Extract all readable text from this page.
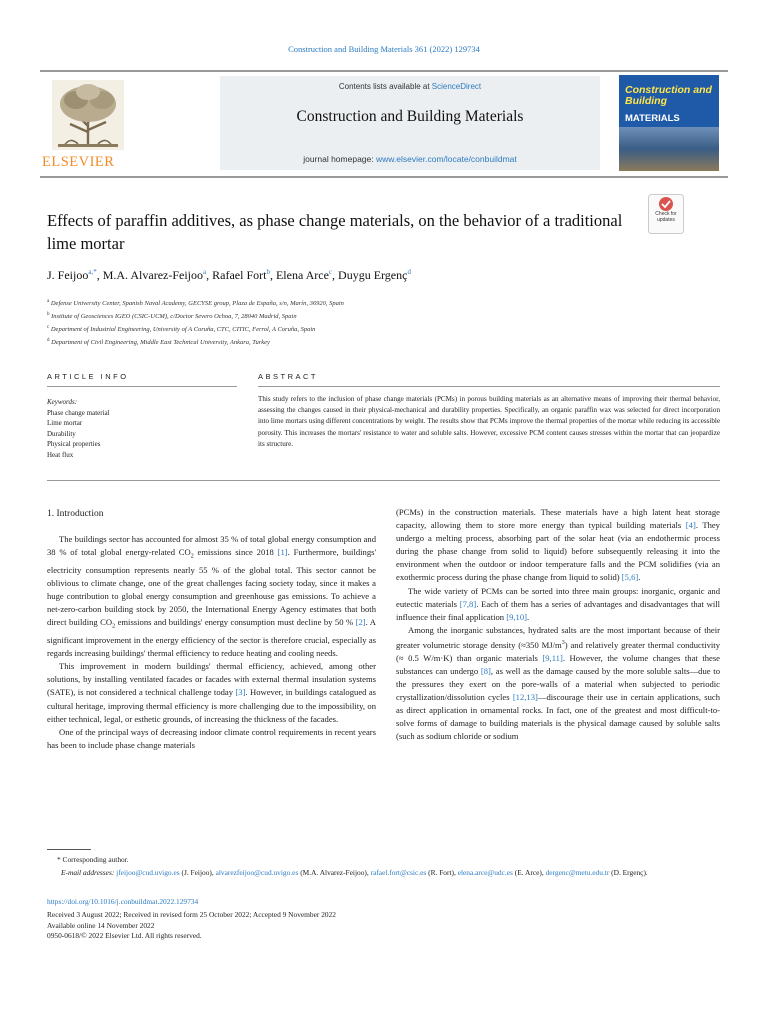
Construction and Building Materials 361 (2022) 129734
ELSEVIER
Contents lists available at ScienceDirect
Construction and Building Materials
journal homepage: www.elsevier.com/locate/conbuildmat
Construction and Building
MATERIALS
Effects of paraffin additives, as phase change materials, on the behavior of a traditional lime mortar
Check for updates
J. Feijoo$^{a,*}$, M.A. Alvarez-Feijoo$^a$, Rafael Fort$^b$, Elena Arce$^c$, Duygu Ergenç$^d$
$^a$ Defense University Center, Spanish Naval Academy, GECYSE group, Plaza de España, s/n, Marín, 36920, Spain
$^b$ Institute of Geosciences IGEO (CSIC-UCM), c/Doctor Severo Ochoa, 7, 28040 Madrid, Spain
$^c$ Department of Industrial Engineering, University of A Coruña, CTC, CITIC, Ferrol, A Coruña, Spain
$^d$ Department of Civil Engineering, Middle East Technical University, Ankara, Turkey
ARTICLE INFO	ABSTRACT
Keywords:
Phase change material
Lime mortar
Durability
Physical properties
Heat flux
This study refers to the inclusion of phase change materials (PCMs) in porous building materials as an alternative means of improving their thermal behavior, assessing the changes caused in their physical-mechanical and durability properties. Specifically, an organic paraffin wax was selected for direct incorporation into lime mortars using different concentrations by weight. The results show that PCMs improve the thermal properties of the mortar while reducing its accessible porosity. This increases the mortars' resistance to water and soluble salts. However, excessive PCM content causes stresses within the mortar that can jeopardize its structure.
1. Introduction

The buildings sector has accounted for almost 35 % of total global energy consumption and 38 % of total global energy-related $CO_2$ emissions since 2018 [1]. Furthermore, buildings' electricity consumption represents nearly 55 % of the global total. This sector cannot be oblivious to climate change, one of the great challenges facing society today, since it makes a huge contribution to global energy consumption and greenhouse gas emissions. To achieve a net-zero-carbon building stock by 2050, the International Energy Agency estimates that both direct building $CO_2$ emissions and buildings' energy consumption must decline by 50 % [2]. A significant improvement in the energy efficiency of the sector is therefore crucial, especially as regards increasing buildings' thermal efficiency to reduce heating and cooling needs.

This improvement in modern buildings' thermal efficiency, achieved, among other solutions, by installing ventilated facades or facades with external thermal insulation systems (SATE), is not considered a technical challenge today [3]. However, in buildings catalogued as cultural heritage, improving thermal efficiency is more challenging due to the impossibility, on either technical, legal, or esthetic grounds, of increasing the thickness of the facades.

One of the principal ways of decreasing indoor climate control requirements in recent years has been to include phase change materials

(PCMs) in the construction materials. These materials have a high latent heat storage capacity, allowing them to store more energy than typical building materials [4]. They undergo a melting process, absorbing part of the solar heat (via an endothermic process during the phase change from solid to liquid) before subsequently releasing it into the environment when the outdoor or indoor temperature falls and the PCM solidifies (via an exothermic process during the phase change from liquid to solid) [5,6].

The wide variety of PCMs can be sorted into three main groups: inorganic, organic and eutectic materials [7,8]. Each of them has a series of advantages and disadvantages that will influence their final application [9,10].

Among the inorganic substances, hydrated salts are the most important because of their greater volumetric storage density (≈350 $MJ/m^3$) and relatively greater thermal conductivity (≈ 0.5 W/m·K) than organic materials [9,11]. However, the volume changes that these substances can undergo [8], as well as the damage caused by the more soluble salts—due to the pressures they exert on the pore-walls of a material when subjected to periodic crystallization/dissolution cycles [12,13]—discourage their use in certain applications, such as direct application in ornamental rocks. In fact, one of the greatest and most difficult-to-solve forms of damage to building materials is the physical damage caused by soluble salts (such as sodium chloride or sodium

* Corresponding author.
E-mail addresses: jfeijoo@cud.uvigo.es (J. Feijoo), alvarezfeijoo@cud.uvigo.es (M.A. Alvarez-Feijoo), rafael.fort@csic.es (R. Fort), elena.arce@udc.es (E. Arce), dergenc@metu.edu.tr (D. Ergenç).
https://doi.org/10.1016/j.conbuildmat.2022.129734
Received 3 August 2022; Received in revised form 25 October 2022; Accepted 9 November 2022
Available online 14 November 2022
0950-0618/© 2022 Elsevier Ltd. All rights reserved.
